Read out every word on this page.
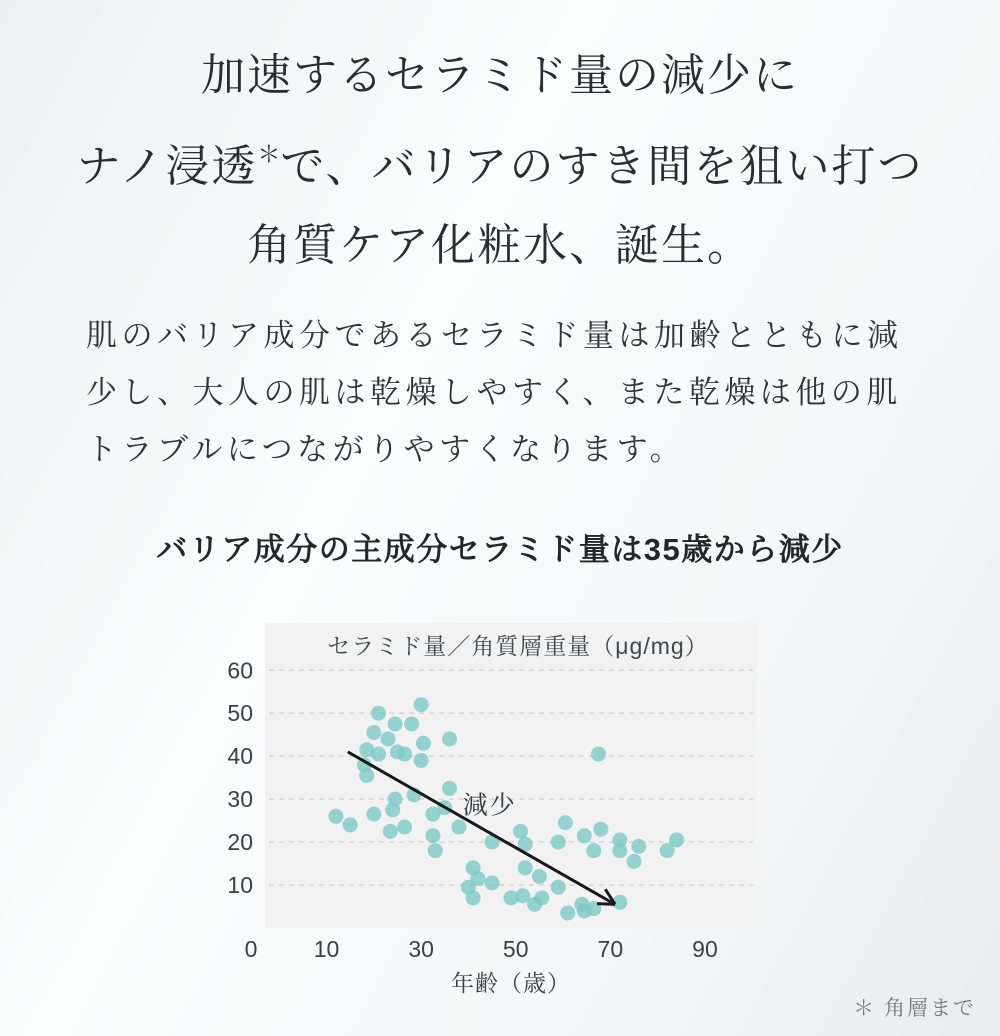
加速するセラミド量の減少に
ナノ浸透＊で、バリアのすき間を狙い打つ
角質ケア化粧水、誕生。
肌のバリア成分であるセラミド量は加齢とともに減
少し、大人の肌は乾燥しやすく、また乾燥は他の肌
トラブルにつながりやすくなります。
バリア成分の主成分セラミド量は35歳から減少
セラミド量／角質層重量（μg/mg）
年齢（歳）
10
20
30
40
50
60
0 10	30	50	70	90
減少
＊ 角層まで
